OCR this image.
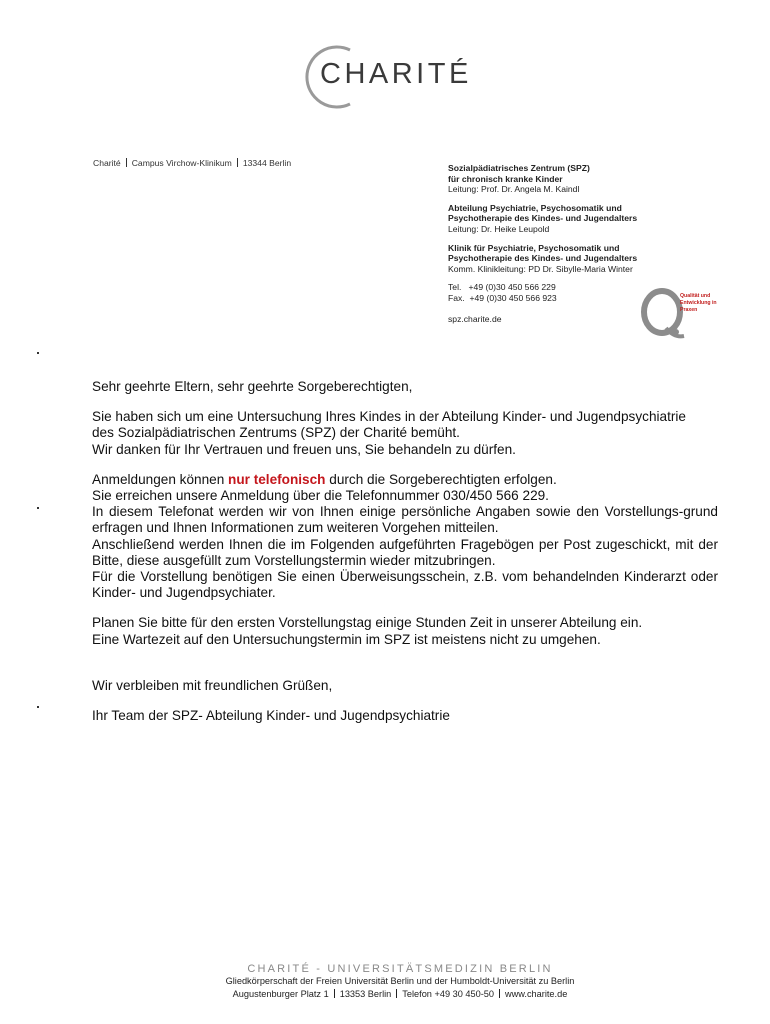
CHARITÉ
Charité Campus Virchow-Klinikum 13344 Berlin	Sozialpädiatrisches Zentrum (SPZ)
für chronisch kranke Kinder
Leitung: Prof. Dr. Angela M. Kaindl
Abteilung Psychiatrie, Psychosomatik und
Psychotherapie des Kindes- und Jugendalters
Leitung: Dr. Heike Leupold
Klinik für Psychiatrie, Psychosomatik und
Psychotherapie des Kindes- und Jugendalters
Komm. Klinikleitung: PD Dr. Sibylle-Maria Winter
Tel.   +49 (0)30 450 566 229
Fax.  +49 (0)30 450 566 923
spz.charite.de
Qualität und
Entwicklung in
Praxen

Sehr geehrte Eltern, sehr geehrte Sorgeberechtigten,

Sie haben sich um eine Untersuchung Ihres Kindes in der Abteilung Kinder- und Jugendpsychiatrie

des Sozialpädiatrischen Zentrums (SPZ) der Charité bemüht.

Wir danken für Ihr Vertrauen und freuen uns, Sie behandeln zu dürfen.

Anmeldungen können nur telefonisch durch die Sorgeberechtigten erfolgen.

Sie erreichen unsere Anmeldung über die Telefonnummer 030/450 566 229.

In diesem Telefonat werden wir von Ihnen einige persönliche Angaben sowie den Vorstellungs-grund erfragen und Ihnen Informationen zum weiteren Vorgehen mitteilen.

Anschließend werden Ihnen die im Folgenden aufgeführten Fragebögen per Post zugeschickt, mit der Bitte, diese ausgefüllt zum Vorstellungstermin wieder mitzubringen.

Für die Vorstellung benötigen Sie einen Überweisungsschein, z.B. vom behandelnden Kinderarzt oder Kinder- und Jugendpsychiater.

Planen Sie bitte für den ersten Vorstellungstag einige Stunden Zeit in unserer Abteilung ein.

Eine Wartezeit auf den Untersuchungstermin im SPZ ist meistens nicht zu umgehen.

Wir verbleiben mit freundlichen Grüßen,

Ihr Team der SPZ- Abteilung Kinder- und Jugendpsychiatrie

CHARITÉ - UNIVERSITÄTSMEDIZIN BERLIN
Gliedkörperschaft der Freien Universität Berlin und der Humboldt-Universität zu Berlin
Augustenburger Platz 1 13353 Berlin Telefon +49 30 450-50 www.charite.de
